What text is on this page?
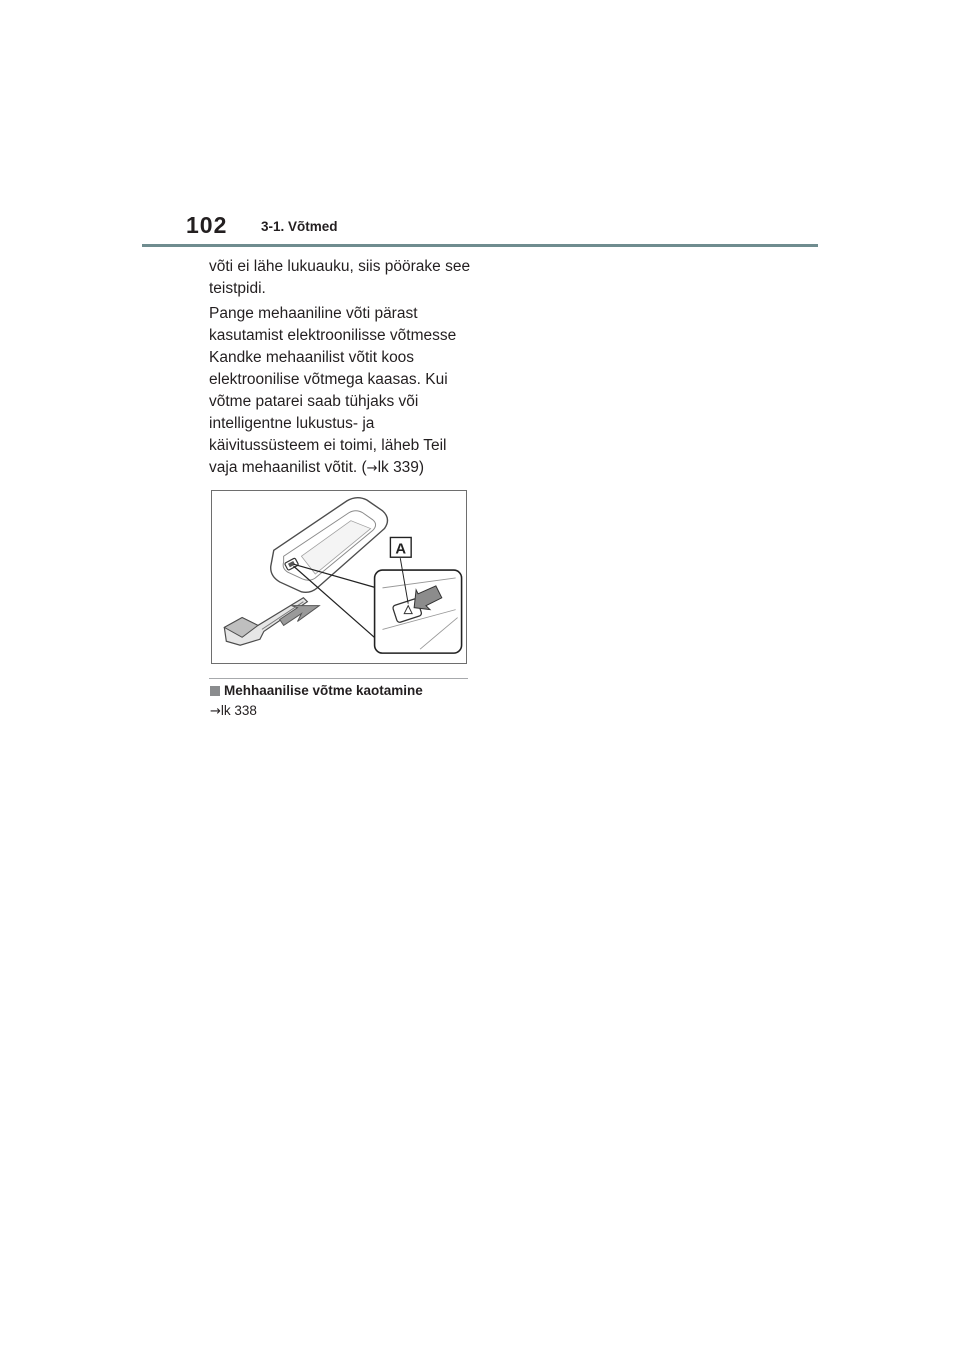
102 3-1. Võtmed

võti ei lähe lukuauku, siis pöörake see teistpidi.

Pange mehaaniline võti pärast kasutamist elektroonilisse võtmesse Kandke mehaanilist võtit koos elektroonilise võtmega kaasas. Kui võtme patarei saab tühjaks või intelligentne lukustus- ja käivitussüsteem ei toimi, läheb Teil vaja mehaanilist võtit. (→lk 339)

A
Mehhaanilise võtme kaotamine
→lk 338
